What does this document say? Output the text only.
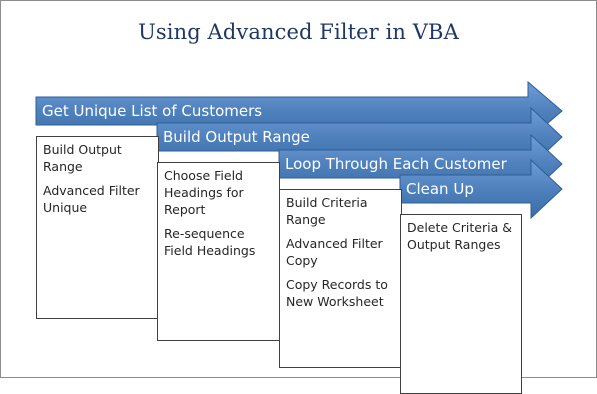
Using Advanced Filter in VBA
Get Unique List of Customers
Build Output Range
Loop Through Each Customer
Clean Up
Build Output
Range
Advanced Filter
Unique
Choose Field
Headings for
Report
Re-sequence
Field Headings
Build Criteria
Range
Advanced Filter
Copy
Copy Records to
New Worksheet
Delete Criteria &
Output Ranges
